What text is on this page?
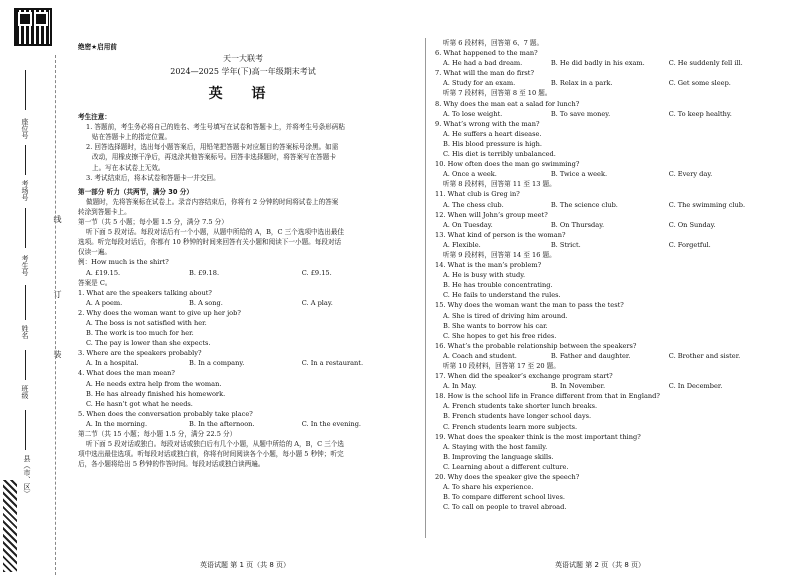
座位号
考场号
考生号
姓名
班级
县（市、区）
线
订
装
绝密★启用前
天一大联考
2024—2025 学年(下)高一年级期末考试
英 语
考生注意：
1. 答题前，考生务必将自己的姓名、考生号填写在试卷和答题卡上，并将考生号条形码粘
贴在答题卡上的指定位置。
2. 回答选择题时，选出每小题答案后，用铅笔把答题卡对应题目的答案标号涂黑。如需
改动，用橡皮擦干净后，再选涂其他答案标号。回答非选择题时，将答案写在答题卡
上。写在本试卷上无效。
3. 考试结束后，将本试卷和答题卡一并交回。
第一部分 听力（共两节，满分 30 分）
做题时，先将答案标在试卷上。录音内容结束后，你将有 2 分钟的时间将试卷上的答案
转涂到答题卡上。
第一节（共 5 小题；每小题 1.5 分，满分 7.5 分）
听下面 5 段对话。每段对话后有一个小题，从题中所给的 A，B，C 三个选项中选出最佳
选项。听完每段对话后，你都有 10 秒钟的时间来回答有关小题和阅读下一小题。每段对话
仅读一遍。
例：How much is the shirt?
A. £19.15.	B. £9.18.	C. £9.15.
答案是 C。
1. What are the speakers talking about?
A. A poem.	B. A song.	C. A play.
2. Why does the woman want to give up her job?
A. The boss is not satisfied with her.
B. The work is too much for her.
C. The pay is lower than she expects.
3. Where are the speakers probably?
A. In a hospital.	B. In a company.	C. In a restaurant.
4. What does the man mean?
A. He needs extra help from the woman.
B. He has already finished his homework.
C. He hasn’t got what he needs.
5. When does the conversation probably take place?
A. In the morning.	B. In the afternoon.	C. In the evening.
第二节（共 15 小题；每小题 1.5 分，满分 22.5 分）
听下面 5 段对话或独白。每段对话或独白后有几个小题，从题中所给的 A，B，C 三个选
项中选出最佳选项。听每段对话或独白前，你将有时间阅读各个小题，每小题 5 秒钟；听完
后，各小题将给出 5 秒钟的作答时间。每段对话或独白读两遍。
听第 6 段材料，回答第 6、7 题。
6. What happened to the man?
A. He had a bad dream.	B. He did badly in his exam.	C. He suddenly fell ill.
7. What will the man do first?
A. Study for an exam.	B. Relax in a park.	C. Get some sleep.
听第 7 段材料，回答第 8 至 10 题。
8. Why does the man eat a salad for lunch?
A. To lose weight.	B. To save money.	C. To keep healthy.
9. What’s wrong with the man?
A. He suffers a heart disease.
B. His blood pressure is high.
C. His diet is terribly unbalanced.
10. How often does the man go swimming?
A. Once a week.	B. Twice a week.	C. Every day.
听第 8 段材料，回答第 11 至 13 题。
11. What club is Greg in?
A. The chess club.	B. The science club.	C. The swimming club.
12. When will John’s group meet?
A. On Tuesday.	B. On Thursday.	C. On Sunday.
13. What kind of person is the woman?
A. Flexible.	B. Strict.	C. Forgetful.
听第 9 段材料，回答第 14 至 16 题。
14. What is the man’s problem?
A. He is busy with study.
B. He has trouble concentrating.
C. He fails to understand the rules.
15. Why does the woman want the man to pass the test?
A. She is tired of driving him around.
B. She wants to borrow his car.
C. She hopes to get his free rides.
16. What’s the probable relationship between the speakers?
A. Coach and student.	B. Father and daughter.	C. Brother and sister.
听第 10 段材料，回答第 17 至 20 题。
17. When did the speaker’s exchange program start?
A. In May.	B. In November.	C. In December.
18. How is the school life in France different from that in England?
A. French students take shorter lunch breaks.
B. French students have longer school days.
C. French students learn more subjects.
19. What does the speaker think is the most important thing?
A. Staying with the host family.
B. Improving the language skills.
C. Learning about a different culture.
20. Why does the speaker give the speech?
A. To share his experience.
B. To compare different school lives.
C. To call on people to travel abroad.
英语试题 第 1 页（共 8 页）	英语试题 第 2 页（共 8 页）
